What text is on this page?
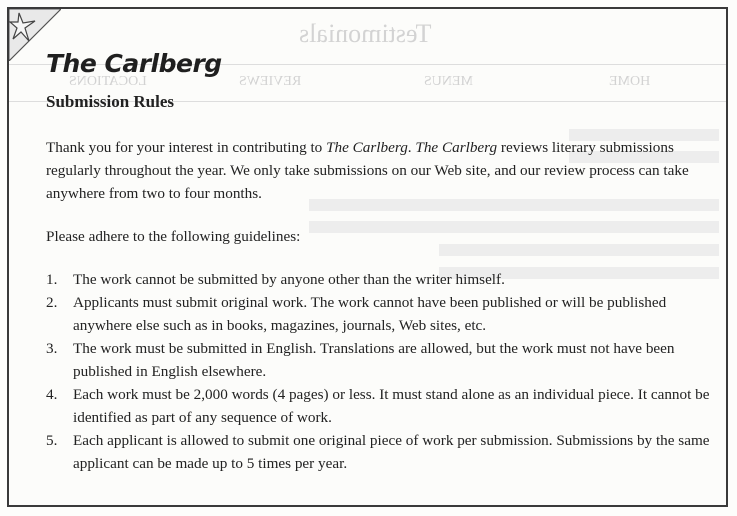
Testimonials
HOME
MENUS
REVIEWS
LOCATIONS
The Carlberg
Submission Rules

Thank you for your interest in contributing to The Carlberg. The Carlberg reviews literary submissions regularly throughout the year. We only take submissions on our Web site, and our review process can take anywhere from two to four months.

Please adhere to the following guidelines:

1. The work cannot be submitted by anyone other than the writer himself.
2. Applicants must submit original work. The work cannot have been published or will be published anywhere else such as in books, magazines, journals, Web sites, etc.
3. The work must be submitted in English. Translations are allowed, but the work must not have been published in English elsewhere.
4. Each work must be 2,000 words (4 pages) or less. It must stand alone as an individual piece. It cannot be identified as part of any sequence of work.
5. Each applicant is allowed to submit one original piece of work per submission. Submissions by the same applicant can be made up to 5 times per year.
